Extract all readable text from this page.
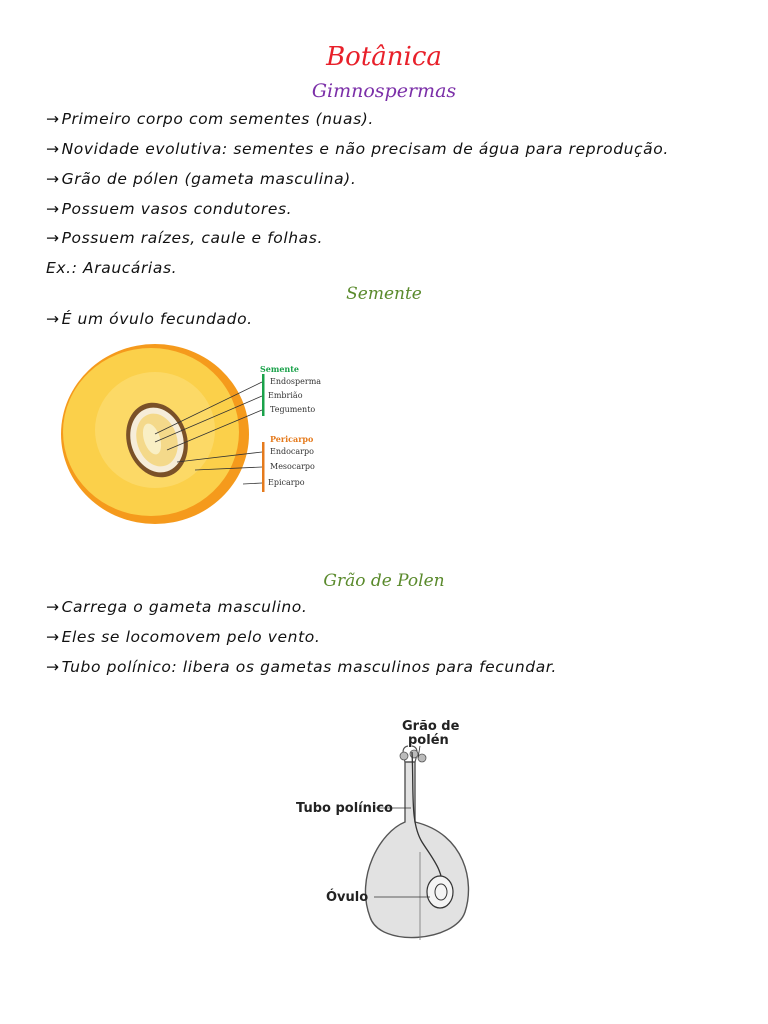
Botânica
Gimnospermas
→ Primeiro corpo com sementes (nuas).
→ Novidade evolutiva: sementes e não precisam de água para reprodução.
→ Grão de pólen (gameta masculina).
→ Possuem vasos condutores.
→ Possuem raízes, caule e folhas.
Ex.: Araucárias.
Semente
→ É um óvulo fecundado.
Semente
Endosperma
Embrião
Tegumento
Pericarpo
Endocarpo
Mesocarpo
Epicarpo
Grão de Polen
→ Carrega o gameta masculino.
→ Eles se locomovem pelo vento.
→ Tubo polínico: libera os gametas masculinos para fecundar.
Grão de
polén
Tubo polínico
Óvulo
